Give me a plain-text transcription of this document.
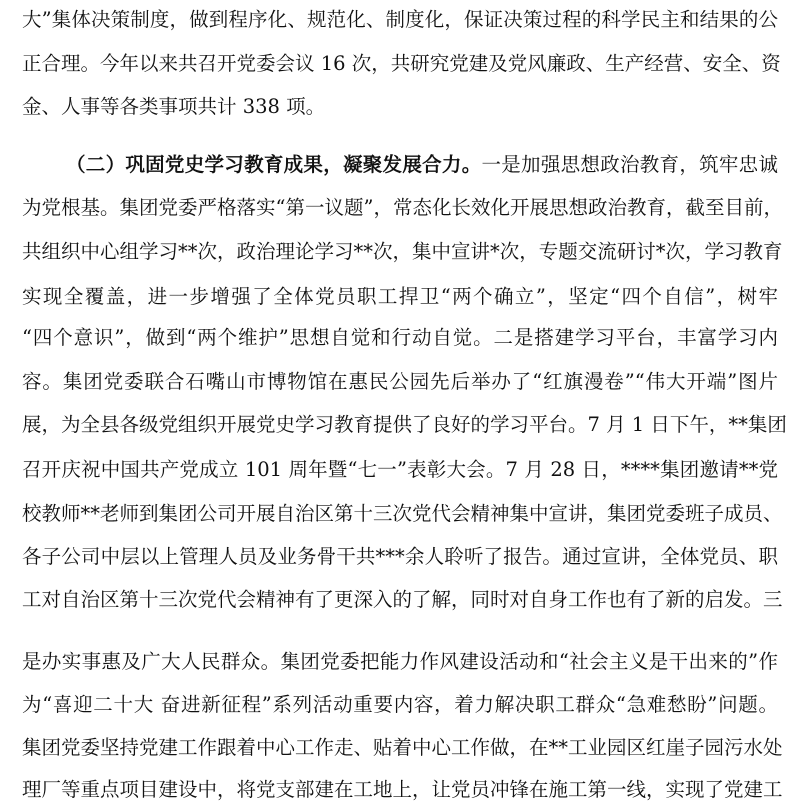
大”集体决策制度，做到程序化、规范化、制度化，保证决策过程的科学民主和结果的公
正合理。今年以来共召开党委会议 16 次，共研究党建及党风廉政、生产经营、安全、资
金、人事等各类事项共计 338 项。
（二）巩固党史学习教育成果，凝聚发展合力。一是加强思想政治教育，筑牢忠诚
为党根基。集团党委严格落实“第一议题”，常态化长效化开展思想政治教育，截至目前，
共组织中心组学习**次，政治理论学习**次，集中宣讲*次，专题交流研讨*次，学习教育
实现全覆盖，进一步增强了全体党员职工捍卫“两个确立”，坚定“四个自信”，树牢
“四个意识”，做到“两个维护”思想自觉和行动自觉。二是搭建学习平台，丰富学习内
容。集团党委联合石嘴山市博物馆在惠民公园先后举办了“红旗漫卷”“伟大开端”图片
展，为全县各级党组织开展党史学习教育提供了良好的学习平台。7 月 1 日下午，**集团
召开庆祝中国共产党成立 101 周年暨“七一”表彰大会。7 月 28 日，****集团邀请**党
校教师**老师到集团公司开展自治区第十三次党代会精神集中宣讲，集团党委班子成员、
各子公司中层以上管理人员及业务骨干共***余人聆听了报告。通过宣讲，全体党员、职
工对自治区第十三次党代会精神有了更深入的了解，同时对自身工作也有了新的启发。三
是办实事惠及广大人民群众。集团党委把能力作风建设活动和“社会主义是干出来的”作
为“喜迎二十大 奋进新征程”系列活动重要内容，着力解决职工群众“急难愁盼”问题。
集团党委坚持党建工作跟着中心工作走、贴着中心工作做，在**工业园区红崖子园污水处
理厂等重点项目建设中，将党支部建在工地上，让党员冲锋在施工第一线，实现了党建工
